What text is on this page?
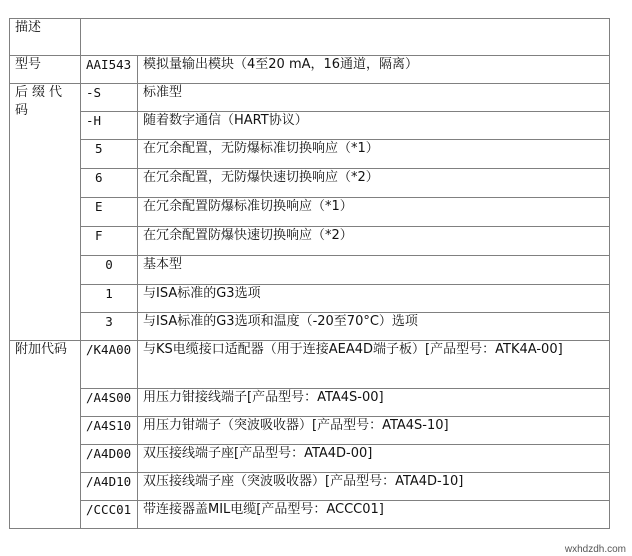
描述		
型号	AAI543	模拟量输出模块（4至20 mA，16通道，隔离）
后缀代码	-S	标准型
	-H	随着数字通信（HART协议）
	5	在冗余配置，无防爆标准切换响应（*1）
	6	在冗余配置，无防爆快速切换响应（*2）
	E	在冗余配置防爆标准切换响应（*1）
	F	在冗余配置防爆快速切换响应（*2）
	0	基本型
	1	与ISA标准的G3选项
	3	与ISA标准的G3选项和温度（-20至70°C）选项
附加代码	/K4A00	与KS电缆接口适配器（用于连接AEA4D端子板）[产品型号：ATK4A-00]
	/A4S00	用压力钳接线端子[产品型号：ATA4S-00]
	/A4S10	用压力钳端子（突波吸收器）[产品型号：ATA4S-10]
	/A4D00	双压接线端子座[产品型号：ATA4D-00]
	/A4D10	双压接线端子座（突波吸收器）[产品型号：ATA4D-10]
	/CCC01	带连接器盖MIL电缆[产品型号：ACCC01]
wxhdzdh.com
